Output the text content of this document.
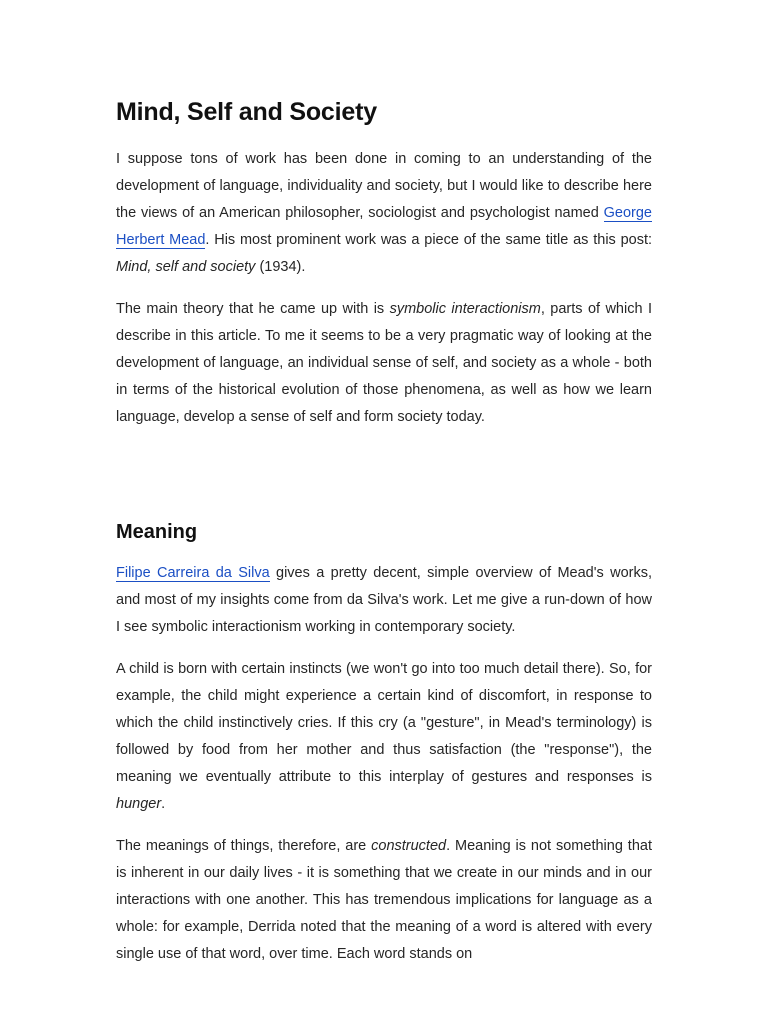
Mind, Self and Society

I suppose tons of work has been done in coming to an understanding of the development of language, individuality and society, but I would like to describe here the views of an American philosopher, sociologist and psychologist named George Herbert Mead. His most prominent work was a piece of the same title as this post: Mind, self and society (1934).

The main theory that he came up with is symbolic interactionism, parts of which I describe in this article. To me it seems to be a very pragmatic way of looking at the development of language, an individual sense of self, and society as a whole - both in terms of the historical evolution of those phenomena, as well as how we learn language, develop a sense of self and form society today.

Meaning

Filipe Carreira da Silva gives a pretty decent, simple overview of Mead's works, and most of my insights come from da Silva's work. Let me give a run-down of how I see symbolic interactionism working in contemporary society.

A child is born with certain instincts (we won't go into too much detail there). So, for example, the child might experience a certain kind of discomfort, in response to which the child instinctively cries. If this cry (a "gesture", in Mead's terminology) is followed by food from her mother and thus satisfaction (the "response"), the meaning we eventually attribute to this interplay of gestures and responses is hunger.

The meanings of things, therefore, are constructed. Meaning is not something that is inherent in our daily lives - it is something that we create in our minds and in our interactions with one another. This has tremendous implications for language as a whole: for example, Derrida noted that the meaning of a word is altered with every single use of that word, over time. Each word stands on
